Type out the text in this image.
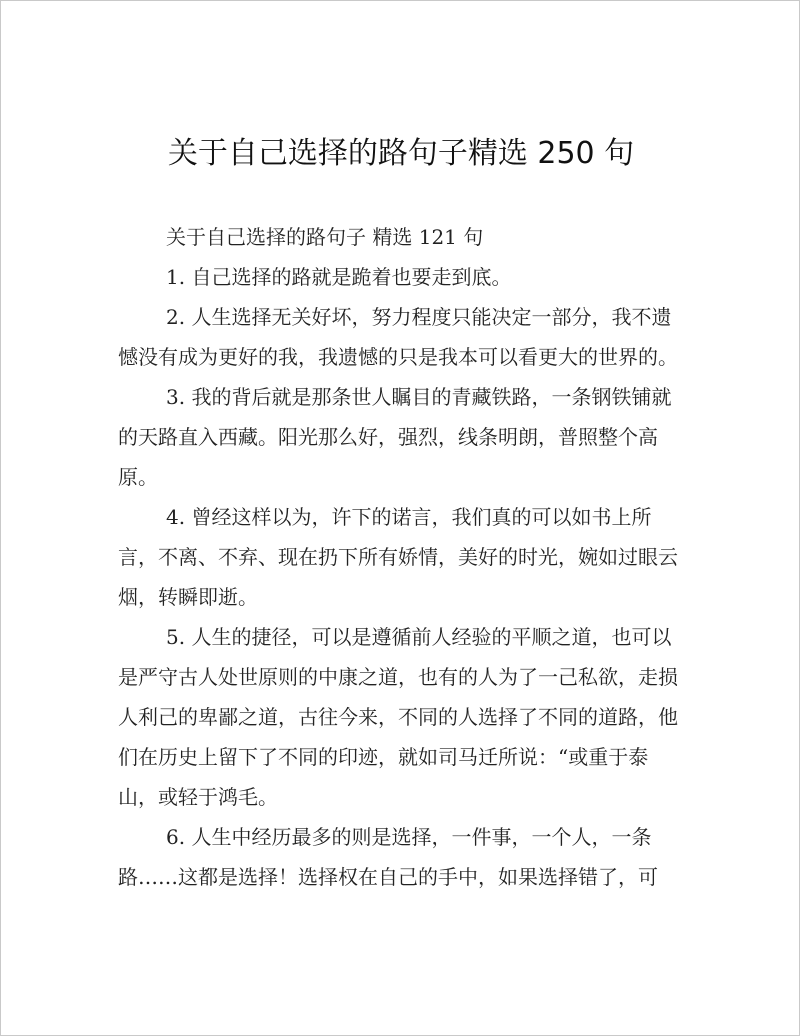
关于自己选择的路句子精选 250 句

关于自己选择的路句子 精选 121 句

1. 自己选择的路就是跪着也要走到底。

2. 人生选择无关好坏，努力程度只能决定一部分，我不遗憾没有成为更好的我，我遗憾的只是我本可以看更大的世界的。

3. 我的背后就是那条世人瞩目的青藏铁路，一条钢铁铺就的天路直入西藏。阳光那么好，强烈，线条明朗，普照整个高原。

4. 曾经这样以为，许下的诺言，我们真的可以如书上所言，不离、不弃、现在扔下所有娇情，美好的时光，婉如过眼云烟，转瞬即逝。

5. 人生的捷径，可以是遵循前人经验的平顺之道，也可以是严守古人处世原则的中康之道，也有的人为了一己私欲，走损人利己的卑鄙之道，古往今来，不同的人选择了不同的道路，他们在历史上留下了不同的印迹，就如司马迁所说：“或重于泰山，或轻于鸿毛。

6. 人生中经历最多的则是选择，一件事，一个人，一条路……这都是选择！选择权在自己的手中，如果选择错了，可
